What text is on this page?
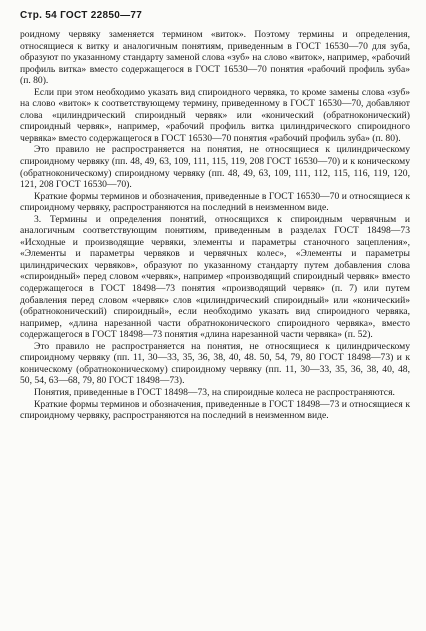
Стр. 54 ГОСТ 22850—77

роидному червяку заменяется термином «виток». Поэтому термины и определения, относящиеся к витку и аналогичным понятиям, приведенным в ГОСТ 16530—70 для зуба, образуют по указанному стандарту заменой слова «зуб» на слово «виток», например, «рабочий профиль витка» вместо содержащегося в ГОСТ 16530—70 понятия «рабочий профиль зуба» (п. 80).

Если при этом необходимо указать вид спироидного червяка, то кроме замены слова «зуб» на слово «виток» к соответствующему термину, приведенному в ГОСТ 16530—70, добавляют слова «цилиндрический спироидный червяк» или «конический (обратноконический) спироидный червяк», например, «рабочий профиль витка цилиндрического спироидного червяка» вместо содержащегося в ГОСТ 16530—70 понятия «рабочий профиль зуба» (п. 80).

Это правило не распространяется на понятия, не относящиеся к цилиндрическому спироидному червяку (пп. 48, 49, 63, 109, 111, 115, 119, 208 ГОСТ 16530—70) и к коническому (обратноконическому) спироидному червяку (пп. 48, 49, 63, 109, 111, 112, 115, 116, 119, 120, 121, 208 ГОСТ 16530—70).

Краткие формы терминов и обозначения, приведенные в ГОСТ 16530—70 и относящиеся к спироидному червяку, распространяются на последний в неизменном виде.

3. Термины и определения понятий, относящихся к спироидным червячным и аналогичным соответствующим понятиям, приведенным в разделах ГОСТ 18498—73 «Исходные и производящие червяки, элементы и параметры станочного зацепления», «Элементы и параметры червяков и червячных колес», «Элементы и параметры цилиндрических червяков», образуют по указанному стандарту путем добавления слова «спироидный» перед словом «червяк», например «производящий спироидный червяк» вместо содержащегося в ГОСТ 18498—73 понятия «производящий червяк» (п. 7) или путем добавления перед словом «червяк» слов «цилиндрический спироидный» или «конический» (обратноконический) спироидный», если необходимо указать вид спироидного червяка, например, «длина нарезанной части обратноконического спироидного червяка», вместо содержащегося в ГОСТ 18498—73 понятия «длина нарезанной части червяка» (п. 52).

Это правило не распространяется на понятия, не относящиеся к цилиндрическому спироидному червяку (пп. 11, 30—33, 35, 36, 38, 40, 48. 50, 54, 79, 80 ГОСТ 18498—73) и к коническому (обратноконическому) спироидному червяку (пп. 11, 30—33, 35, 36, 38, 40, 48, 50, 54, 63—68, 79, 80 ГОСТ 18498—73).

Понятия, приведенные в ГОСТ 18498—73, на спироидные колеса не распространяются.

Краткие формы терминов и обозначения, приведенные в ГОСТ 18498—73 и относящиеся к спироидному червяку, распространяются на последний в неизменном виде.
